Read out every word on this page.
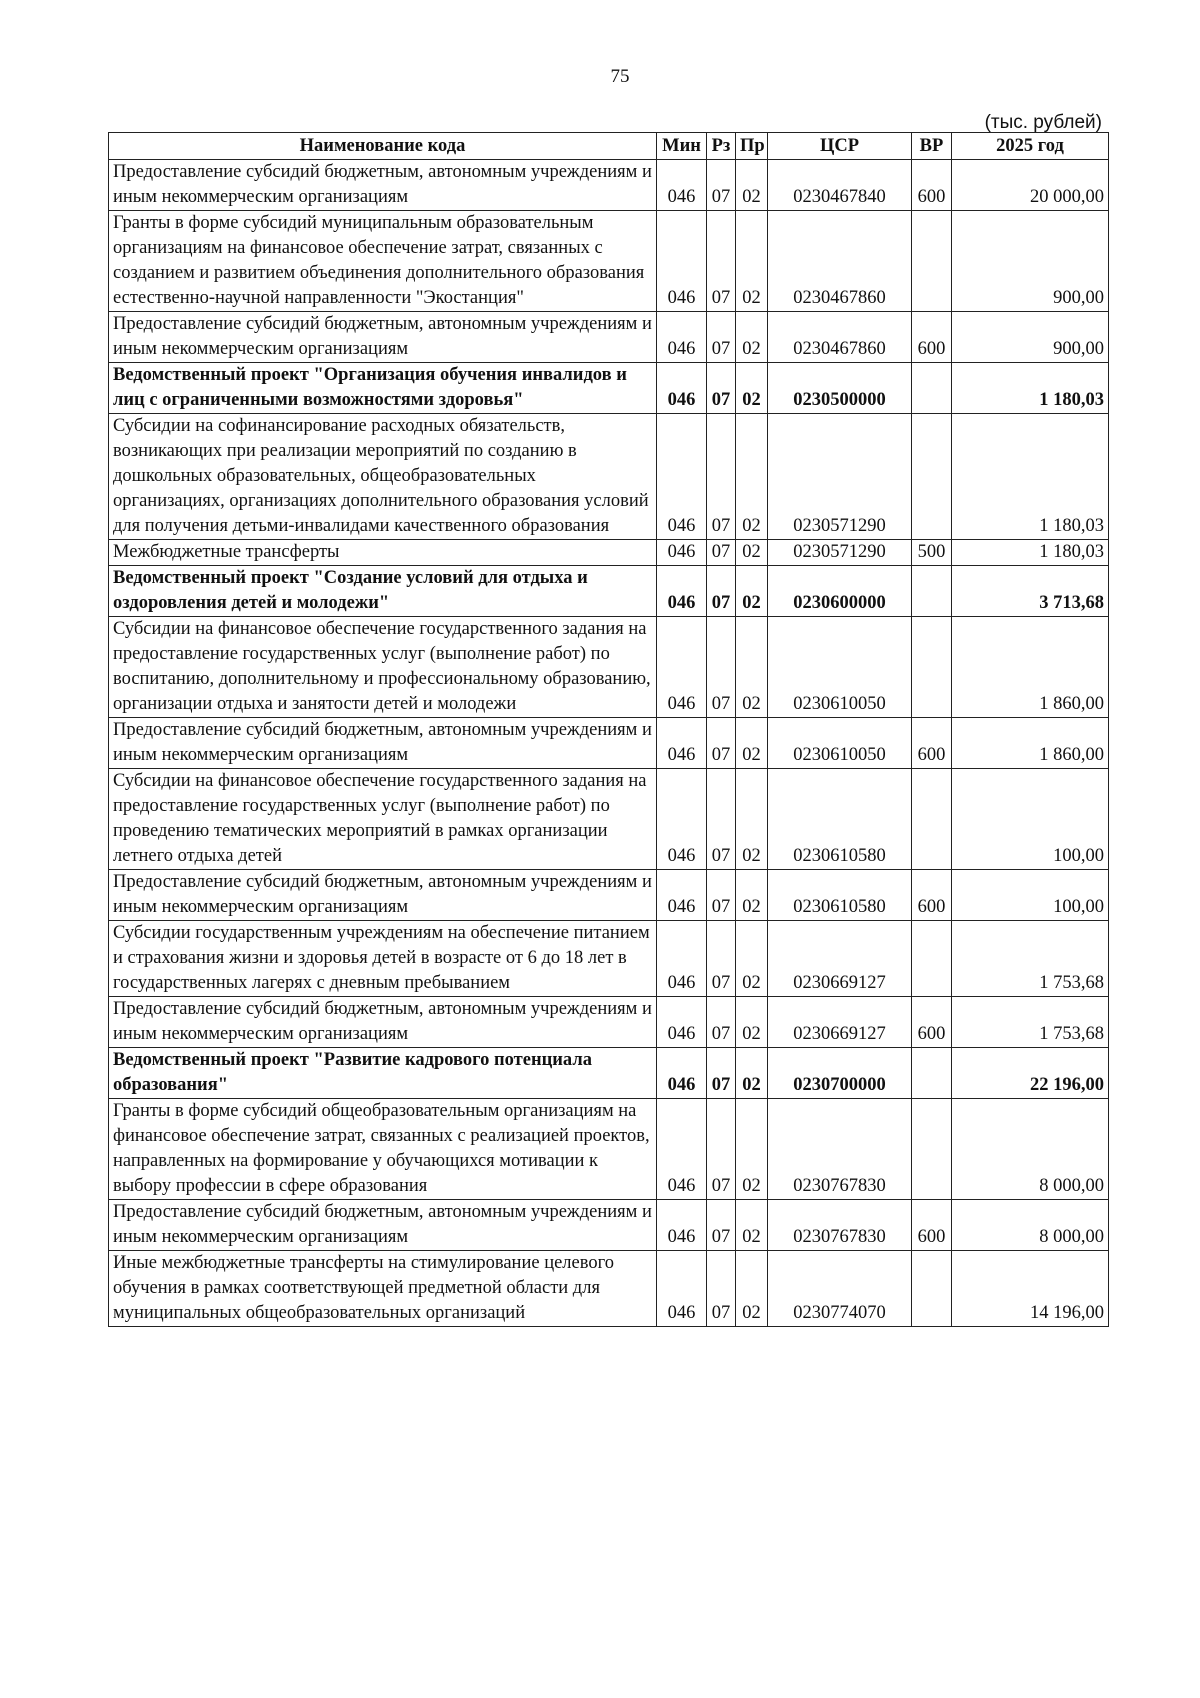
75
(тыс. рублей)
Наименование кода	Мин	Рз	Пр	ЦСР	ВР	2025 год
Предоставление субсидий бюджетным, автономным учреждениям и иным некоммерческим организациям	046	07	02	0230467840	600	20 000,00
Гранты в форме субсидий муниципальным образовательным организациям на финансовое обеспечение затрат, связанных с созданием и развитием объединения дополнительного образования естественно-научной направленности "Экостанция"	046	07	02	0230467860		900,00
Предоставление субсидий бюджетным, автономным учреждениям и иным некоммерческим организациям	046	07	02	0230467860	600	900,00
Ведомственный проект "Организация обучения инвалидов и лиц с ограниченными возможностями здоровья"	046	07	02	0230500000		1 180,03
Субсидии на софинансирование расходных обязательств, возникающих при реализации мероприятий по созданию в дошкольных образовательных, общеобразовательных организациях, организациях дополнительного образования условий для получения детьми-инвалидами качественного образования	046	07	02	0230571290		1 180,03
Межбюджетные трансферты	046	07	02	0230571290	500	1 180,03
Ведомственный проект "Создание условий для отдыха и оздоровления детей и молодежи"	046	07	02	0230600000		3 713,68
Субсидии на финансовое обеспечение государственного задания на предоставление государственных услуг (выполнение работ) по воспитанию, дополнительному и профессиональному образованию, организации отдыха и занятости детей и молодежи	046	07	02	0230610050		1 860,00
Предоставление субсидий бюджетным, автономным учреждениям и иным некоммерческим организациям	046	07	02	0230610050	600	1 860,00
Субсидии на финансовое обеспечение государственного задания на предоставление государственных услуг (выполнение работ) по проведению тематических мероприятий в рамках организации летнего отдыха детей	046	07	02	0230610580		100,00
Предоставление субсидий бюджетным, автономным учреждениям и иным некоммерческим организациям	046	07	02	0230610580	600	100,00
Субсидии государственным учреждениям на обеспечение питанием и страхования жизни и здоровья детей в возрасте от 6 до 18 лет в государственных лагерях с дневным пребыванием	046	07	02	0230669127		1 753,68
Предоставление субсидий бюджетным, автономным учреждениям и иным некоммерческим организациям	046	07	02	0230669127	600	1 753,68
Ведомственный проект "Развитие кадрового потенциала образования"	046	07	02	0230700000		22 196,00
Гранты в форме субсидий общеобразовательным организациям на финансовое обеспечение затрат, связанных с реализацией проектов, направленных на формирование у обучающихся мотивации к выбору профессии в сфере образования	046	07	02	0230767830		8 000,00
Предоставление субсидий бюджетным, автономным учреждениям и иным некоммерческим организациям	046	07	02	0230767830	600	8 000,00
Иные межбюджетные трансферты на стимулирование целевого обучения в рамках соответствующей предметной области для муниципальных общеобразовательных организаций	046	07	02	0230774070		14 196,00
